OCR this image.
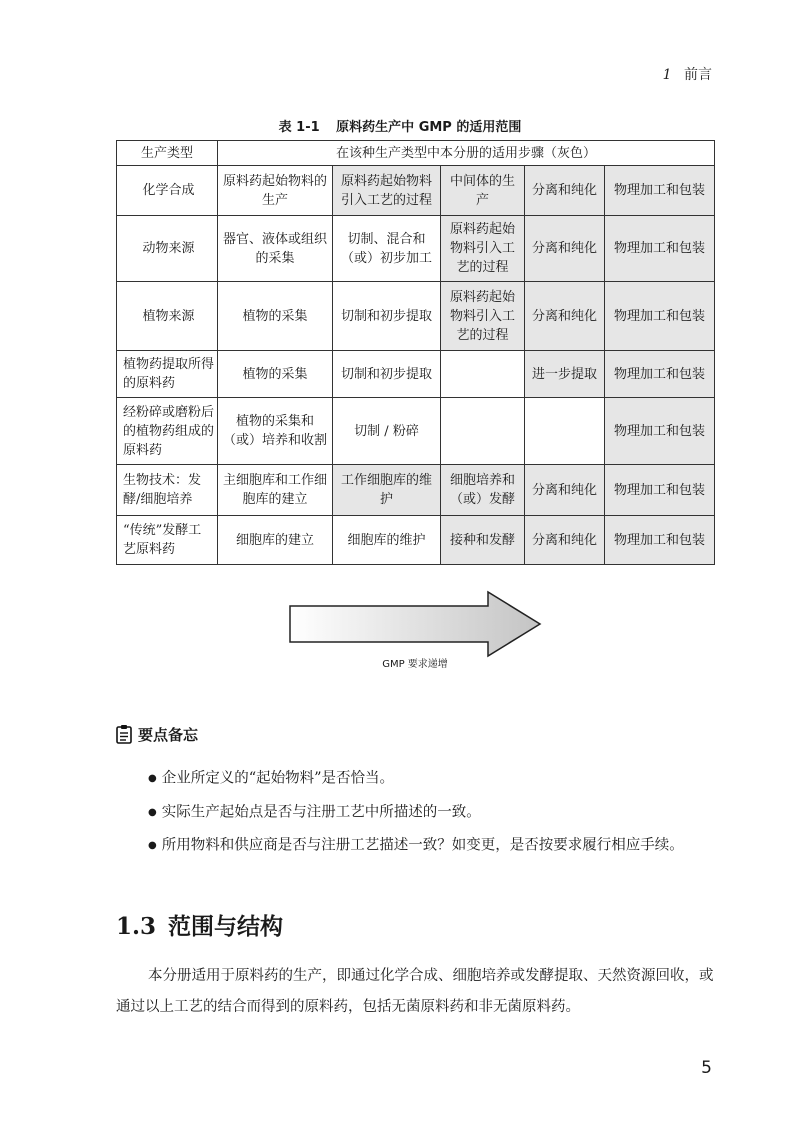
1 前言
表 1-1 原料药生产中 GMP 的适用范围
生产类型	在该种生产类型中本分册的适用步骤（灰色）				
化学合成	原料药起始物料的生产	原料药起始物料引入工艺的过程	中间体的生产	分离和纯化	物理加工和包装
动物来源	器官、液体或组织的采集	切制、混合和（或）初步加工	原料药起始物料引入工艺的过程	分离和纯化	物理加工和包装
植物来源	植物的采集	切制和初步提取	原料药起始物料引入工艺的过程	分离和纯化	物理加工和包装
植物药提取所得的原料药	植物的采集	切制和初步提取		进一步提取	物理加工和包装
经粉碎或磨粉后的植物药组成的原料药	植物的采集和（或）培养和收割	切制 / 粉碎			物理加工和包装
生物技术：发酵/细胞培养	主细胞库和工作细胞库的建立	工作细胞库的维护	细胞培养和（或）发酵	分离和纯化	物理加工和包装
“传统”发酵工艺原料药	细胞库的建立	细胞库的维护	接种和发酵	分离和纯化	物理加工和包装
GMP 要求递增
要点备忘

● 企业所定义的“起始物料”是否恰当。

● 实际生产起始点是否与注册工艺中所描述的一致。

● 所用物料和供应商是否与注册工艺描述一致？如变更，是否按要求履行相应手续。

1.3 范围与结构

本分册适用于原料药的生产，即通过化学合成、细胞培养或发酵提取、天然资源回收，或通过以上工艺的结合而得到的原料药，包括无菌原料药和非无菌原料药。

5
